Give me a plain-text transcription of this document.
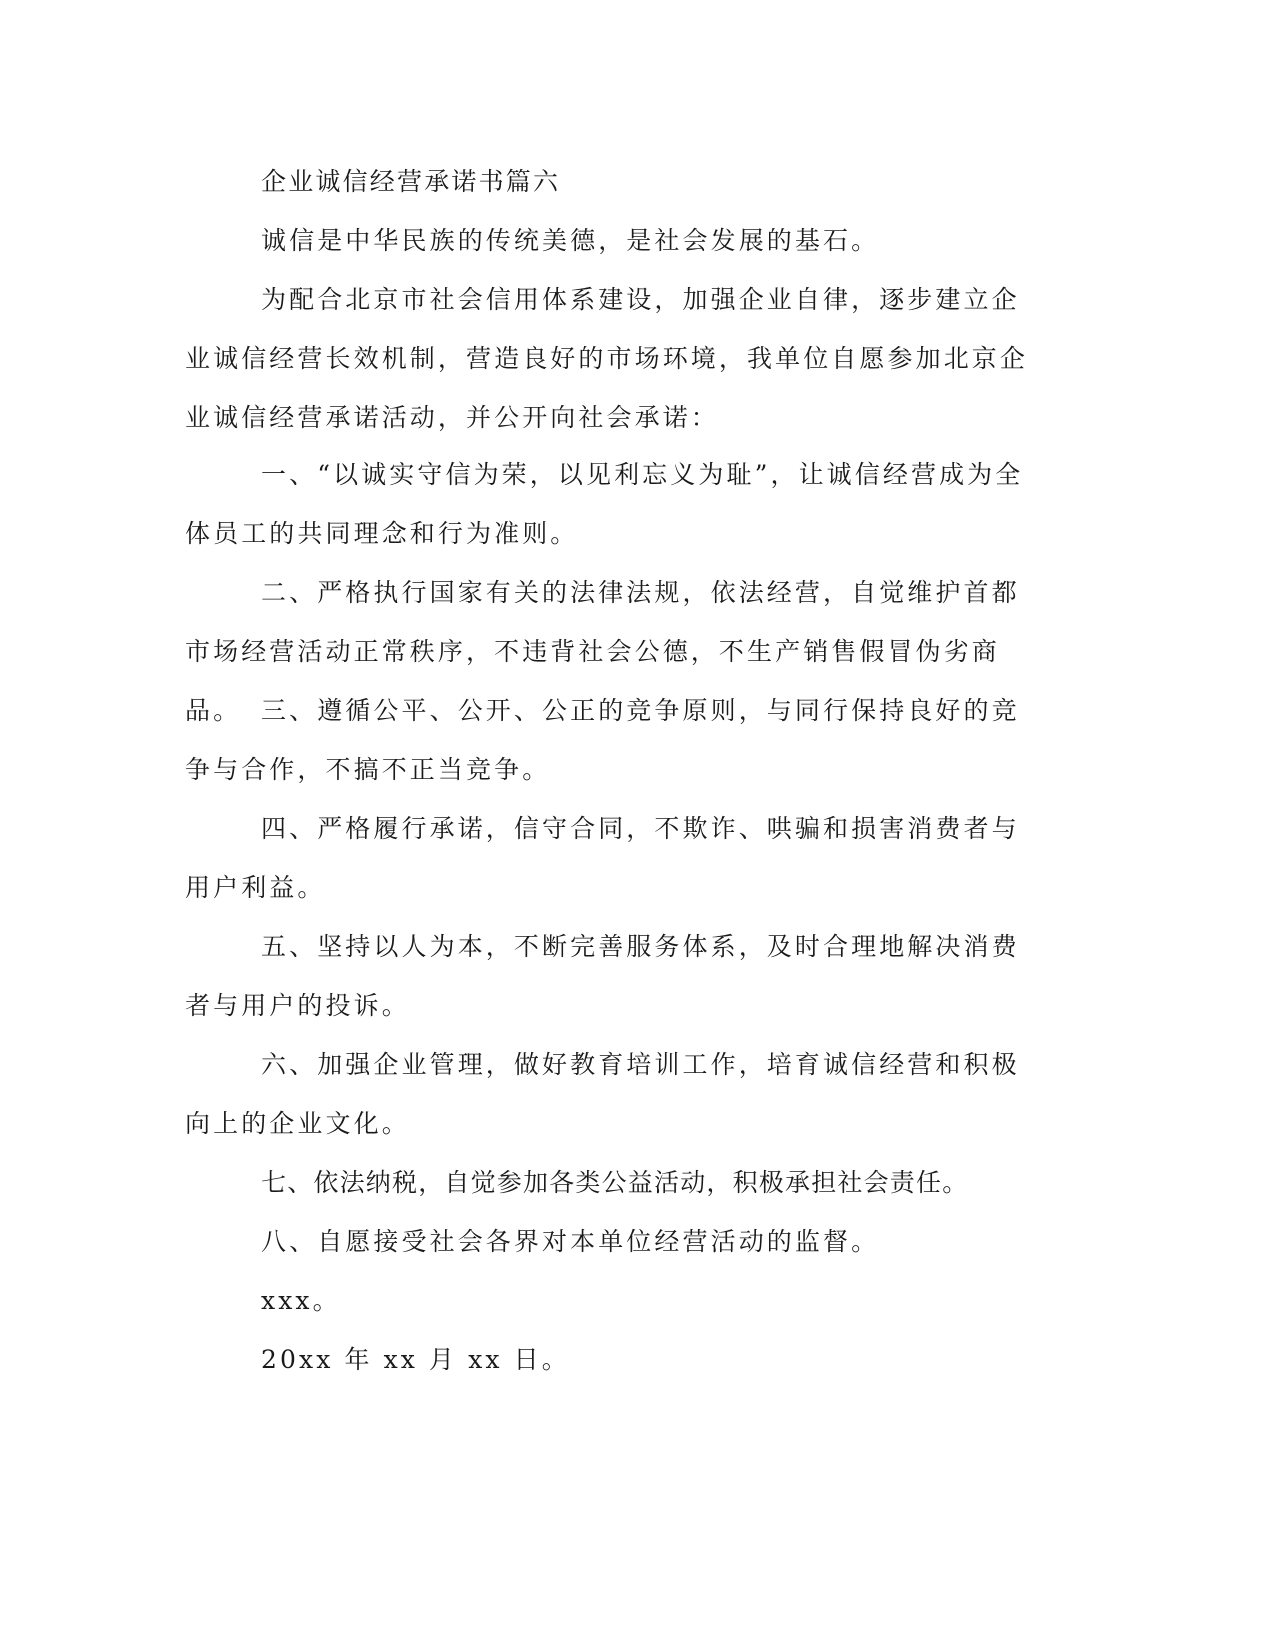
企业诚信经营承诺书篇六

诚信是中华民族的传统美德，是社会发展的基石。

为配合北京市社会信用体系建设，加强企业自律，逐步建立企业诚信经营长效机制，营造良好的市场环境，我单位自愿参加北京企业诚信经营承诺活动，并公开向社会承诺：

一、“以诚实守信为荣，以见利忘义为耻”，让诚信经营成为全体员工的共同理念和行为准则。

二、严格执行国家有关的法律法规，依法经营，自觉维护首都市场经营活动正常秩序，不违背社会公德，不生产销售假冒伪劣商品。 三、遵循公平、公开、公正的竞争原则，与同行保持良好的竞争与合作，不搞不正当竞争。

四、严格履行承诺，信守合同，不欺诈、哄骗和损害消费者与用户利益。

五、坚持以人为本，不断完善服务体系，及时合理地解决消费者与用户的投诉。

六、加强企业管理，做好教育培训工作，培育诚信经营和积极向上的企业文化。

七、依法纳税，自觉参加各类公益活动，积极承担社会责任。

八、自愿接受社会各界对本单位经营活动的监督。

xxx。

20xx 年 xx 月 xx 日。
